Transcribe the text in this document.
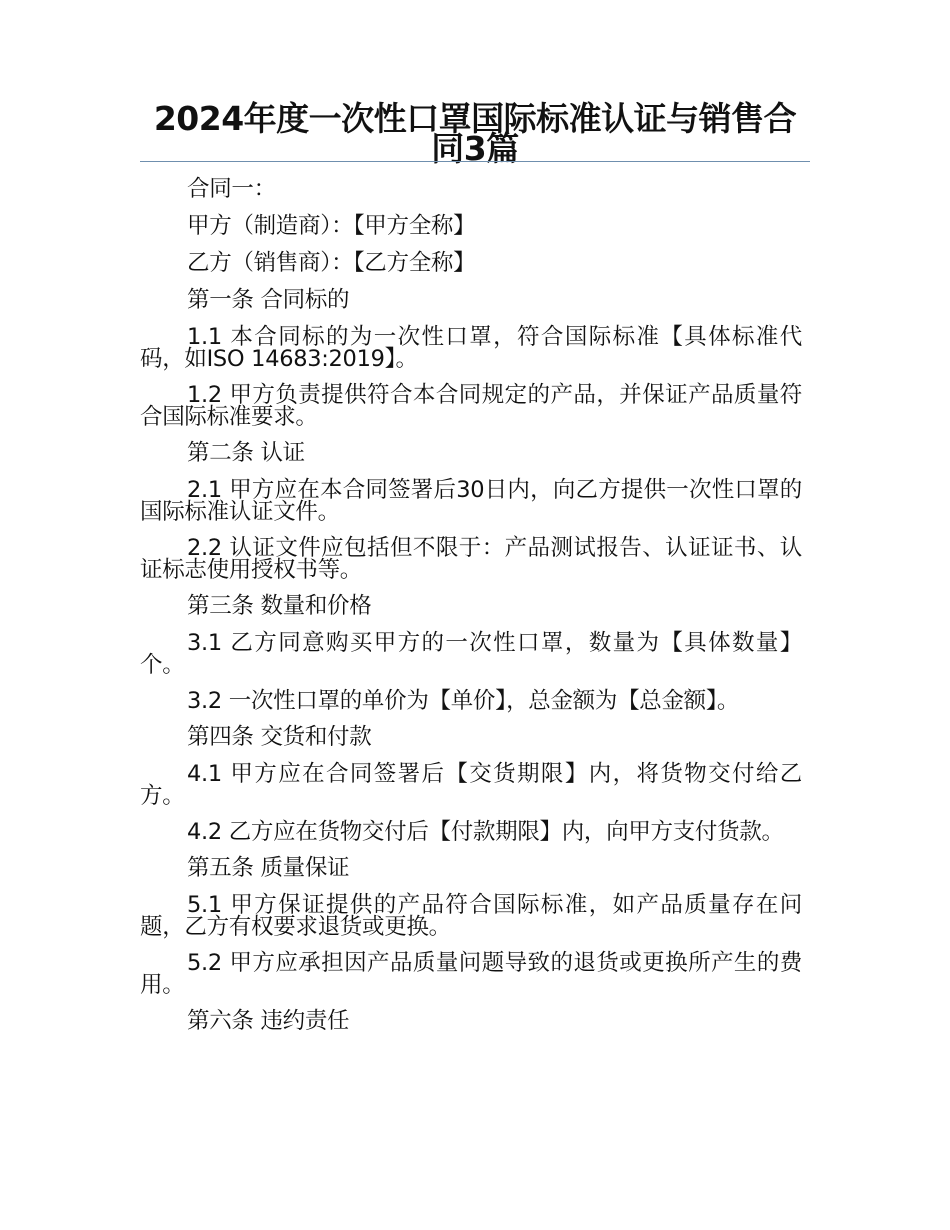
2024年度一次性口罩国际标准认证与销售合同3篇

合同一：

甲方（制造商）：【甲方全称】

乙方（销售商）：【乙方全称】

第一条 合同标的

1.1 本合同标的为一次性口罩，符合国际标准【具体标准代码，如ISO 14683:2019】。

1.2 甲方负责提供符合本合同规定的产品，并保证产品质量符合国际标准要求。

第二条 认证

2.1 甲方应在本合同签署后30日内，向乙方提供一次性口罩的国际标准认证文件。

2.2 认证文件应包括但不限于：产品测试报告、认证证书、认证标志使用授权书等。

第三条 数量和价格

3.1 乙方同意购买甲方的一次性口罩，数量为【具体数量】个。

3.2 一次性口罩的单价为【单价】，总金额为【总金额】。

第四条 交货和付款

4.1 甲方应在合同签署后【交货期限】内，将货物交付给乙方。

4.2 乙方应在货物交付后【付款期限】内，向甲方支付货款。

第五条 质量保证

5.1 甲方保证提供的产品符合国际标准，如产品质量存在问题，乙方有权要求退货或更换。

5.2 甲方应承担因产品质量问题导致的退货或更换所产生的费用。

第六条 违约责任
